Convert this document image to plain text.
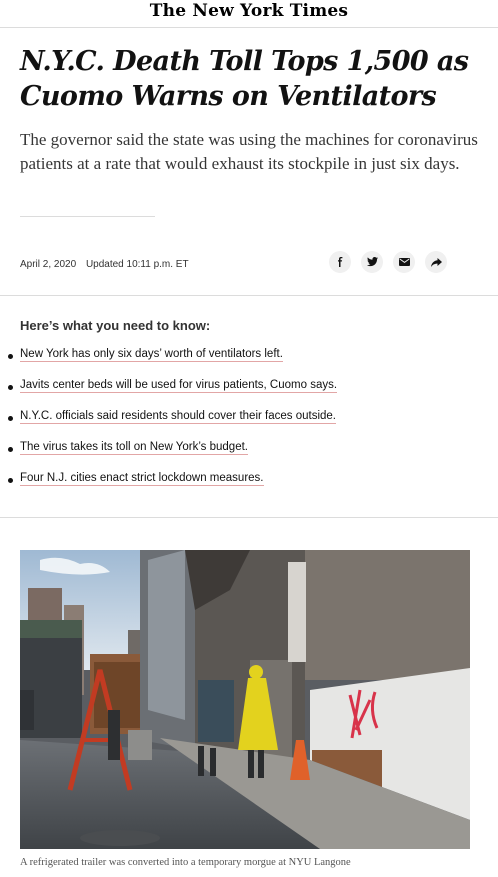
The New York Times
N.Y.C. Death Toll Tops 1,500 as Cuomo Warns on Ventilators

The governor said the state was using the machines for coronavirus patients at a rate that would exhaust its stockpile in just six days.

April 2, 2020 Updated 10:11 p.m. ET
Here’s what you need to know:
New York has only six days’ worth of ventilators left.
Javits center beds will be used for virus patients, Cuomo says.
N.Y.C. officials said residents should cover their faces outside.
The virus takes its toll on New York’s budget.
Four N.J. cities enact strict lockdown measures.
A refrigerated trailer was converted into a temporary morgue at NYU Langone
